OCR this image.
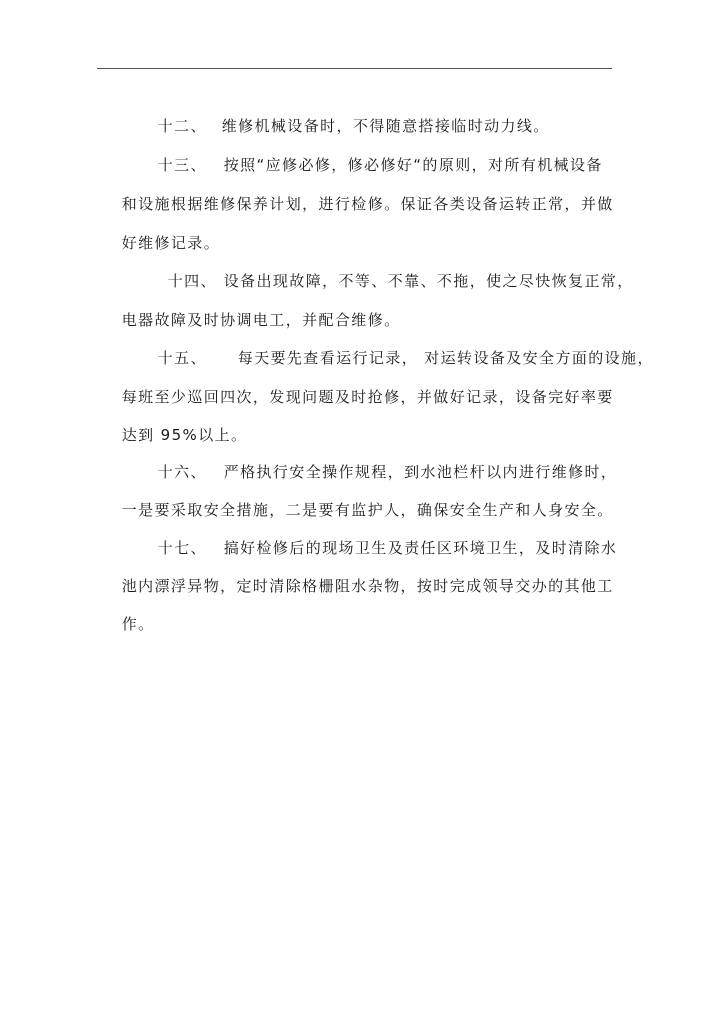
十二、 维修机械设备时，不得随意搭接临时动力线。

十三、 按照“应修必修，修必修好“的原则，对所有机械设备

和设施根据维修保养计划，进行检修。保证各类设备运转正常，并做

好维修记录。

十四、 设备出现故障，不等、不靠、不拖，使之尽快恢复正常，

电器故障及时协调电工，并配合维修。

十五、 每天要先查看运行记录， 对运转设备及安全方面的设施，

每班至少巡回四次，发现问题及时抢修，并做好记录，设备完好率要

达到 95%以上。

十六、 严格执行安全操作规程，到水池栏杆以内进行维修时，

一是要采取安全措施，二是要有监护人，确保安全生产和人身安全。

十七、 搞好检修后的现场卫生及责任区环境卫生，及时清除水

池内漂浮异物，定时清除格栅阻水杂物，按时完成领导交办的其他工

作。
